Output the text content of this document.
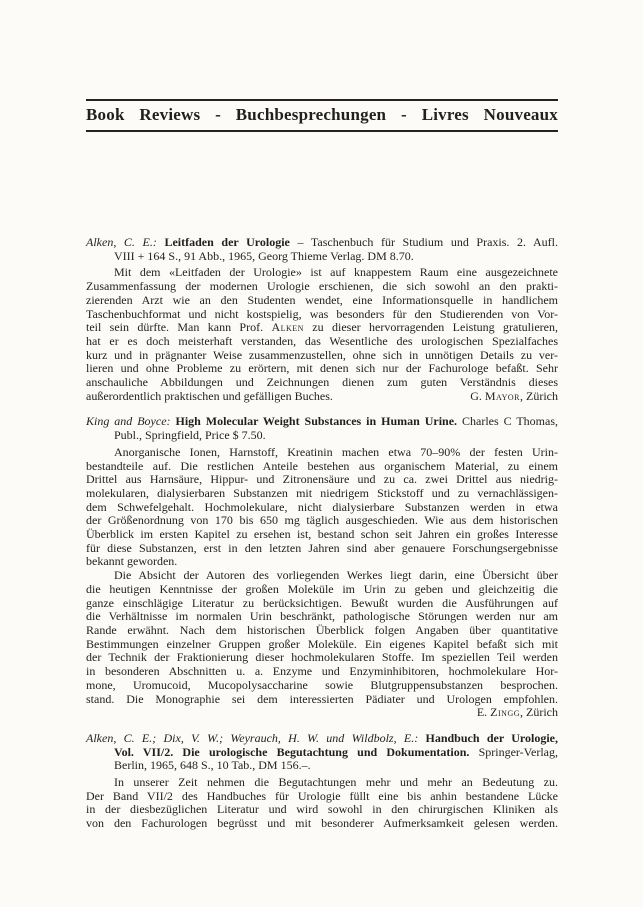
Book Reviews - Buchbesprechungen - Livres Nouveaux
Alken, C. E.: Leitfaden der Urologie – Taschenbuch für Studium und Praxis. 2. Aufl.
VIII + 164 S., 91 Abb., 1965, Georg Thieme Verlag. DM 8.70.
Mit dem «Leitfaden der Urologie» ist auf knappestem Raum eine ausgezeichnete
Zusammenfassung der modernen Urologie erschienen, die sich sowohl an den prakti-
zierenden Arzt wie an den Studenten wendet, eine Informationsquelle in handlichem
Taschenbuchformat und nicht kostspielig, was besonders für den Studierenden von Vor-
teil sein dürfte. Man kann Prof. Alken zu dieser hervorragenden Leistung gratulieren,
hat er es doch meisterhaft verstanden, das Wesentliche des urologischen Spezialfaches
kurz und in prägnanter Weise zusammenzustellen, ohne sich in unnötigen Details zu ver-
lieren und ohne Probleme zu erörtern, mit denen sich nur der Fachurologe befaßt. Sehr
anschauliche Abbildungen und Zeichnungen dienen zum guten Verständnis dieses
außerordentlich praktischen und gefälligen Buches.	G. Mayor, Zürich
King and Boyce: High Molecular Weight Substances in Human Urine. Charles C Thomas,
Publ., Springfield, Price $ 7.50.
Anorganische Ionen, Harnstoff, Kreatinin machen etwa 70–90% der festen Urin-
bestandteile auf. Die restlichen Anteile bestehen aus organischem Material, zu einem
Drittel aus Harnsäure, Hippur- und Zitronensäure und zu ca. zwei Drittel aus niedrig-
molekularen, dialysierbaren Substanzen mit niedrigem Stickstoff und zu vernachlässigen-
dem Schwefelgehalt. Hochmolekulare, nicht dialysierbare Substanzen werden in etwa
der Größenordnung von 170 bis 650 mg täglich ausgeschieden. Wie aus dem historischen
Überblick im ersten Kapitel zu ersehen ist, bestand schon seit Jahren ein großes Interesse
für diese Substanzen, erst in den letzten Jahren sind aber genauere Forschungsergebnisse
bekannt geworden.
Die Absicht der Autoren des vorliegenden Werkes liegt darin, eine Übersicht über
die heutigen Kenntnisse der großen Moleküle im Urin zu geben und gleichzeitig die
ganze einschlägige Literatur zu berücksichtigen. Bewußt wurden die Ausführungen auf
die Verhältnisse im normalen Urin beschränkt, pathologische Störungen werden nur am
Rande erwähnt. Nach dem historischen Überblick folgen Angaben über quantitative
Bestimmungen einzelner Gruppen großer Moleküle. Ein eigenes Kapitel befaßt sich mit
der Technik der Fraktionierung dieser hochmolekularen Stoffe. Im speziellen Teil werden
in besonderen Abschnitten u. a. Enzyme und Enzyminhibitoren, hochmolekulare Hor-
mone, Uromucoid, Mucopolysaccharine sowie Blutgruppensubstanzen besprochen.
stand. Die Monographie sei dem interessierten Pädiater und Urologen empfohlen.
E. Zingg, Zürich
Alken, C. E.; Dix, V. W.; Weyrauch, H. W. und Wildbolz, E.: Handbuch der Urologie,
Vol. VII/2. Die urologische Begutachtung und Dokumentation. Springer-Verlag,
Berlin, 1965, 648 S., 10 Tab., DM 156.–.
In unserer Zeit nehmen die Begutachtungen mehr und mehr an Bedeutung zu.
Der Band VII/2 des Handbuches für Urologie füllt eine bis anhin bestandene Lücke
in der diesbezüglichen Literatur und wird sowohl in den chirurgischen Kliniken als
von den Fachurologen begrüsst und mit besonderer Aufmerksamkeit gelesen werden.
